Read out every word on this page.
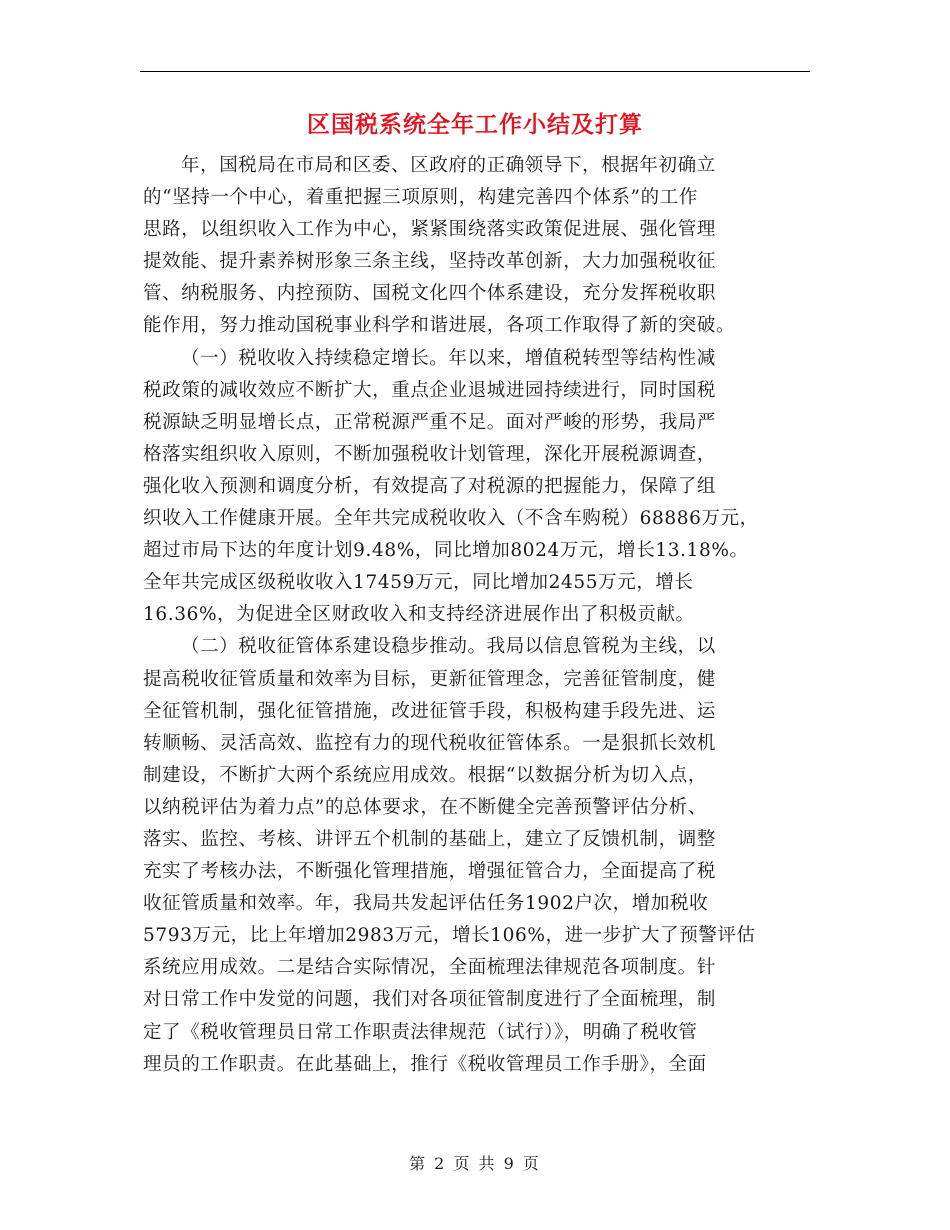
区国税系统全年工作小结及打算
年，国税局在市局和区委、区政府的正确领导下，根据年初确立
的“坚持一个中心，着重把握三项原则，构建完善四个体系”的工作
思路，以组织收入工作为中心，紧紧围绕落实政策促进展、强化管理
提效能、提升素养树形象三条主线，坚持改革创新，大力加强税收征
管、纳税服务、内控预防、国税文化四个体系建设，充分发挥税收职
能作用，努力推动国税事业科学和谐进展，各项工作取得了新的突破。
（一）税收收入持续稳定增长。年以来，增值税转型等结构性减
税政策的减收效应不断扩大，重点企业退城进园持续进行，同时国税
税源缺乏明显增长点，正常税源严重不足。面对严峻的形势，我局严
格落实组织收入原则，不断加强税收计划管理，深化开展税源调查，
强化收入预测和调度分析，有效提高了对税源的把握能力，保障了组
织收入工作健康开展。全年共完成税收收入（不含车购税）68886万元，
超过市局下达的年度计划9.48%，同比增加8024万元，增长13.18%。
全年共完成区级税收收入17459万元，同比增加2455万元，增长
16.36%，为促进全区财政收入和支持经济进展作出了积极贡献。
（二）税收征管体系建设稳步推动。我局以信息管税为主线，以
提高税收征管质量和效率为目标，更新征管理念，完善征管制度，健
全征管机制，强化征管措施，改进征管手段，积极构建手段先进、运
转顺畅、灵活高效、监控有力的现代税收征管体系。一是狠抓长效机
制建设，不断扩大两个系统应用成效。根据“以数据分析为切入点，
以纳税评估为着力点”的总体要求，在不断健全完善预警评估分析、
落实、监控、考核、讲评五个机制的基础上，建立了反馈机制，调整
充实了考核办法，不断强化管理措施，增强征管合力，全面提高了税
收征管质量和效率。年，我局共发起评估任务1902户次，增加税收
5793万元，比上年增加2983万元，增长106%，进一步扩大了预警评估
系统应用成效。二是结合实际情况，全面梳理法律规范各项制度。针
对日常工作中发觉的问题，我们对各项征管制度进行了全面梳理，制
定了《税收管理员日常工作职责法律规范（试行）》，明确了税收管
理员的工作职责。在此基础上，推行《税收管理员工作手册》，全面
第 2 页 共 9 页
